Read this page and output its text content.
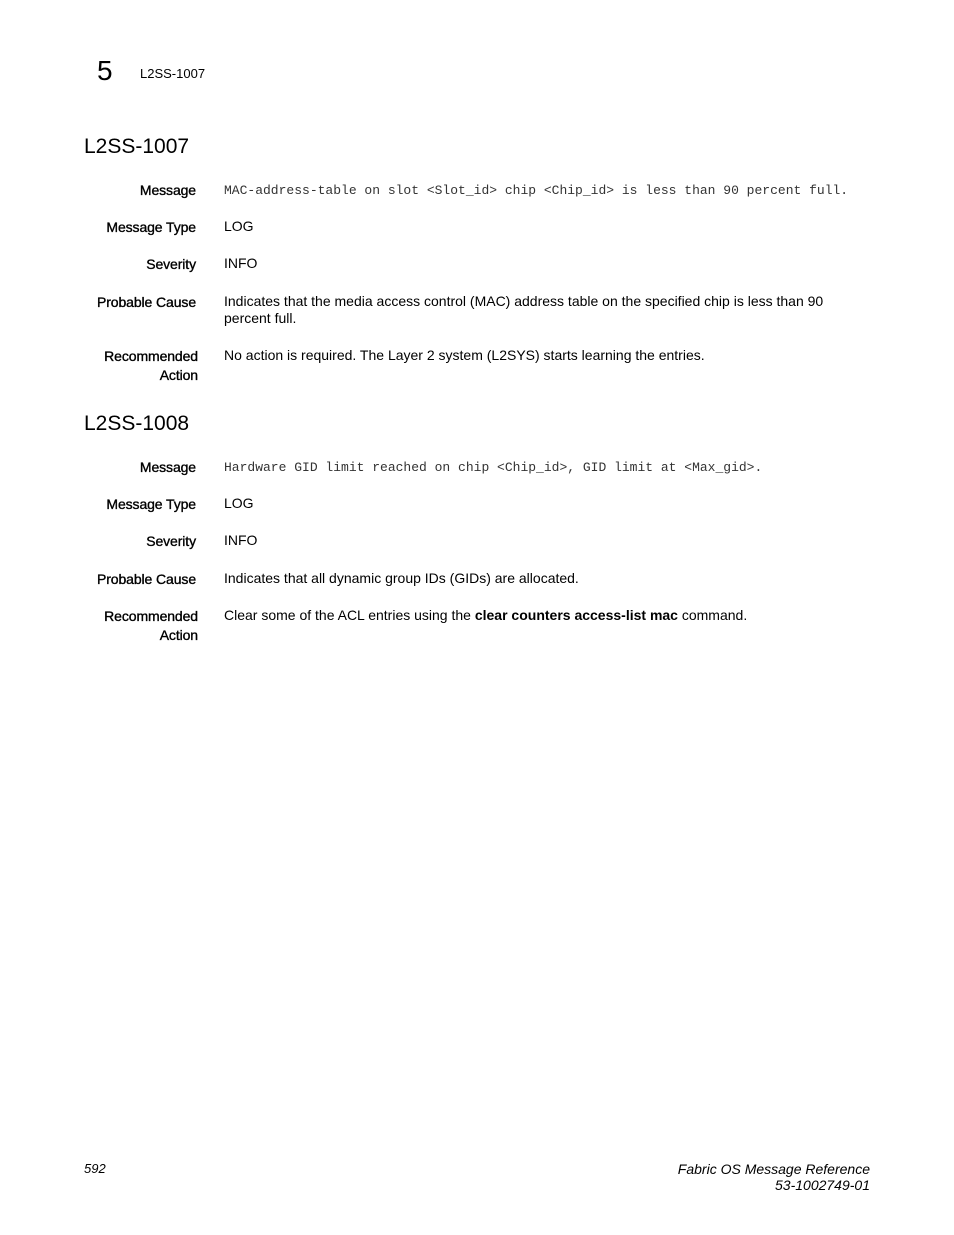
5 L2SS-1007
L2SS-1007
Message MAC-address-table on slot <Slot_id> chip <Chip_id> is less than 90 percent full.
Message Type LOG
Severity INFO
Probable Cause Indicates that the media access control (MAC) address table on the specified chip is less than 90 percent full.
Recommended Action
No action is required. The Layer 2 system (L2SYS) starts learning the entries.
L2SS-1008
Message Hardware GID limit reached on chip <Chip_id>, GID limit at <Max_gid>.
Message Type LOG
Severity INFO
Probable Cause Indicates that all dynamic group IDs (GIDs) are allocated.
Recommended Action
Clear some of the ACL entries using the clear counters access-list mac command.
592	Fabric OS Message Reference
53-1002749-01
